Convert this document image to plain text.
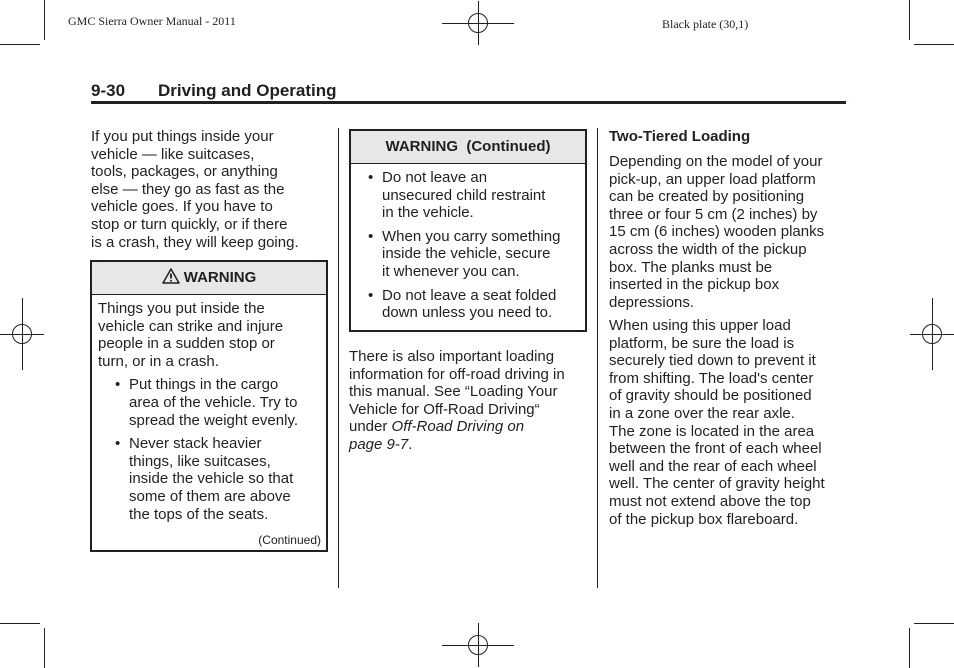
GMC Sierra Owner Manual - 2011	Black plate (30,1)
9-30 Driving and Operating
If you put things inside your
vehicle — like suitcases,
tools, packages, or anything
else — they go as fast as the
vehicle goes. If you have to
stop or turn quickly, or if there
is a crash, they will keep going.
WARNING
Things you put inside the
vehicle can strike and injure
people in a sudden stop or
turn, or in a crash.
• Put things in the cargo
area of the vehicle. Try to
spread the weight evenly.
• Never stack heavier
things, like suitcases,
inside the vehicle so that
some of them are above
the tops of the seats.
(Continued)
WARNING  (Continued)
• Do not leave an
unsecured child restraint
in the vehicle.
• When you carry something
inside the vehicle, secure
it whenever you can.
• Do not leave a seat folded
down unless you need to.
There is also important loading
information for off-road driving in
this manual. See “Loading Your
Vehicle for Off-Road Driving“
under Off-Road Driving on
page 9-7.
Two-Tiered Loading
Depending on the model of your
pick-up, an upper load platform
can be created by positioning
three or four 5 cm (2 inches) by
15 cm (6 inches) wooden planks
across the width of the pickup
box. The planks must be
inserted in the pickup box
depressions.
When using this upper load
platform, be sure the load is
securely tied down to prevent it
from shifting. The load's center
of gravity should be positioned
in a zone over the rear axle.
The zone is located in the area
between the front of each wheel
well and the rear of each wheel
well. The center of gravity height
must not extend above the top
of the pickup box flareboard.
